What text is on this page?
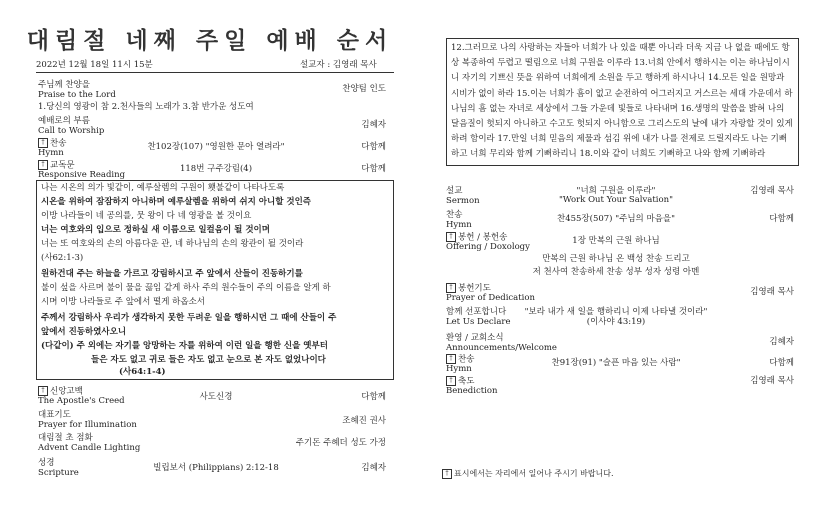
대림절 네째 주일 예배 순서
2022년 12월 18일 11시 15분	설교자 : 김영래 목사
주님께 찬양을
Praise to the Lord
찬양팀 인도
1.당신의 영광이 참 2.천사들의 노래가 3.참 반가운 성도여
예배로의 부름
Call to Worship
김혜자
† 찬송
Hymn
찬102장(107) "영원한 문아 열려라"	다함께
† 교독문
Responsive Reading
118번 구주강림(4)	다함께
나는 시온의 의가 빛같이, 예루살렘의 구원이 횃불같이 나타나도록
시온을 위하여 잠잠하지 아니하며 예루살렘을 위하여 쉬지 아니할 것인즉
이방 나라들이 네 공의를, 뭇 왕이 다 네 영광을 볼 것이요
너는 여호와의 입으로 정하실 새 이름으로 일컬음이 될 것이며
너는 또 여호와의 손의 아름다운 관, 네 하나님의 손의 왕관이 될 것이라
(사62:1-3)
원하건대 주는 하늘을 가르고 강림하시고 주 앞에서 산들이 진동하기를
불이 섶을 사르며 불이 물을 끓임 같게 하사 주의 원수들이 주의 이름을 알게 하
시며 이방 나라들로 주 앞에서 떨게 하옵소서
주께서 강림하사 우리가 생각하지 못한 두려운 일을 행하시던 그 때에 산들이 주
앞에서 진동하였사오니
(다같이) 주 외에는 자기를 앙망하는 자를 위하여 이런 일을 행한 신을 옛부터
들은 자도 없고 귀로 들은 자도 없고 눈으로 본 자도 없었나이다
(사64:1-4)
† 신앙고백
The Apostle's Creed	사도신경	다함께
대표기도
Prayer for Illumination	조혜진 권사
대림절 초 점화
Advent Candle Lighting	주기돈 주혜더 성도 가정
성경
Scripture	빌립보서 (Philippians) 2:12-18	김혜자
12.그러므로 나의 사랑하는 자들아 너희가 나 있을 때뿐 아니라 더욱 지금 나 없을 때에도 항상 복종하여 두렵고 떨림으로 너희 구원을 이루라 13.너희 안에서 행하시는 이는 하나님이시니 자기의 기쁘신 뜻을 위하여 너희에게 소원을 두고 행하게 하시나니 14.모든 일을 원망과 시비가 없이 하라 15.이는 너희가 흠이 없고 순전하여 어그러지고 거스르는 세대 가운데서 하나님의 흠 없는 자녀로 세상에서 그들 가운데 빛들로 나타내며 16.생명의 말씀을 밝혀 나의 달음질이 헛되지 아니하고 수고도 헛되지 아니함으로 그리스도의 날에 내가 자랑할 것이 있게 하려 함이라 17.만일 너희 믿음의 제물과 섬김 위에 내가 나를 전제로 드릴지라도 나는 기뻐하고 너희 무리와 함께 기뻐하리니 18.이와 같이 너희도 기뻐하고 나와 함께 기뻐하라
설교
Sermon
"너희 구원을 이루라"
"Work Out Your Salvation"
김영래 목사
찬송
Hymn
찬455장(507) "주님의 마음을"	다함께
† 봉헌 / 봉헌송
Offering / Doxology
1장 만복의 근원 하나님
만복의 근원 하나님 온 백성 찬송 드리고
저 천사여 찬송하세 찬송 성부 성자 성령 아멘
† 봉헌기도
Prayer of Dedication
김영래 목사
함께 선포합니다
Let Us Declare
"보라 내가 새 일을 행하리니 이제 나타낼 것이라"
(이사야 43:19)
환영 / 교회소식
Announcements/Welcome
김혜자
† 찬송
Hymn
찬91장(91) "슬픈 마음 있는 사람"	다함께
† 축도
Benediction
김영래 목사
† 표시에서는 자리에서 일어나 주시기 바랍니다.
